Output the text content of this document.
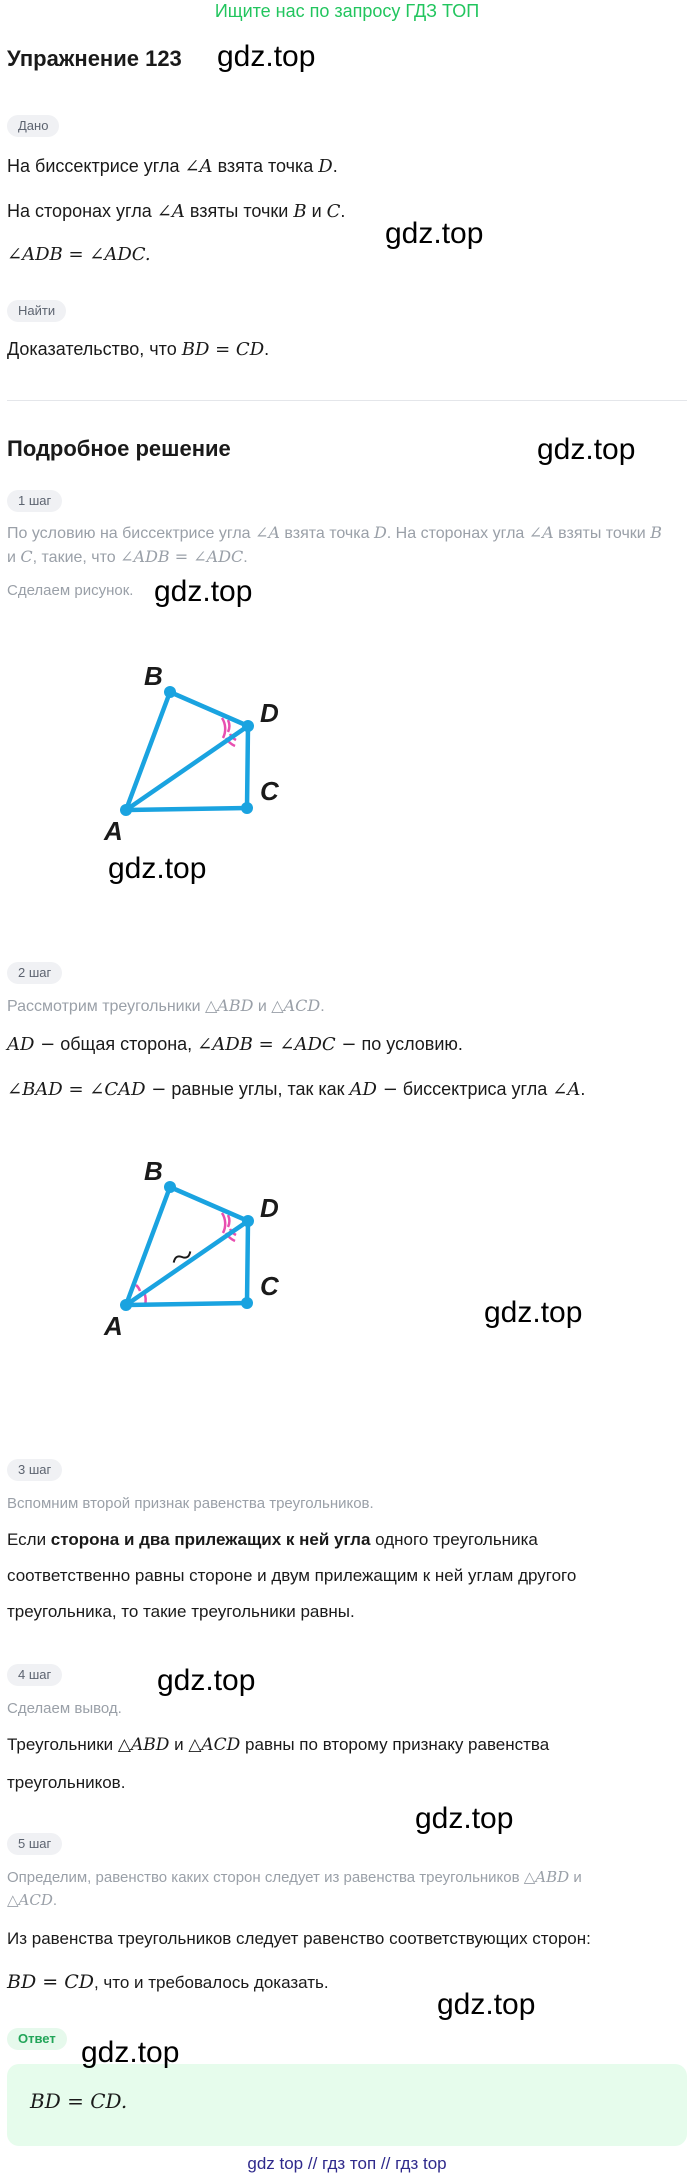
Ищите нас по запросу ГДЗ ТОП
Упражнение 123 gdz.top
Дано
На биссектрисе угла ∠A взята точка D.
На сторонах угла ∠A взяты точки B и C.
gdz.top
∠ADB = ∠ADC.
Найти
Доказательство, что BD = CD.
Подробное решение	gdz.top
1 шаг
По условию на биссектрисе угла ∠A взята точка D. На сторонах угла ∠A взяты точки B
и C, такие, что ∠ADB = ∠ADC.
Сделаем рисунок. gdz.top
A
B
D
C
gdz.top
2 шаг
Рассмотрим треугольники △ABD и △ACD.
AD − общая сторона, ∠ADB = ∠ADC − по условию.
∠BAD = ∠CAD − равные углы, так как AD − биссектриса угла ∠A.
A
B
D
C
gdz.top
3 шаг
Вспомним второй признак равенства треугольников.
Если сторона и два прилежащих к ней угла одного треугольника
соответственно равны стороне и двум прилежащим к ней углам другого
треугольника, то такие треугольники равны.
4 шаг	gdz.top
Сделаем вывод.
Треугольники △ABD и △ACD равны по второму признаку равенства
треугольников.
gdz.top
5 шаг
Определим, равенство каких сторон следует из равенства треугольников △ABD и
△ACD.
Из равенства треугольников следует равенство соответствующих сторон:
BD = CD, что и требовалось доказать.
gdz.top
Ответ gdz.top
BD = CD.
gdz top // гдз топ // гдз top
